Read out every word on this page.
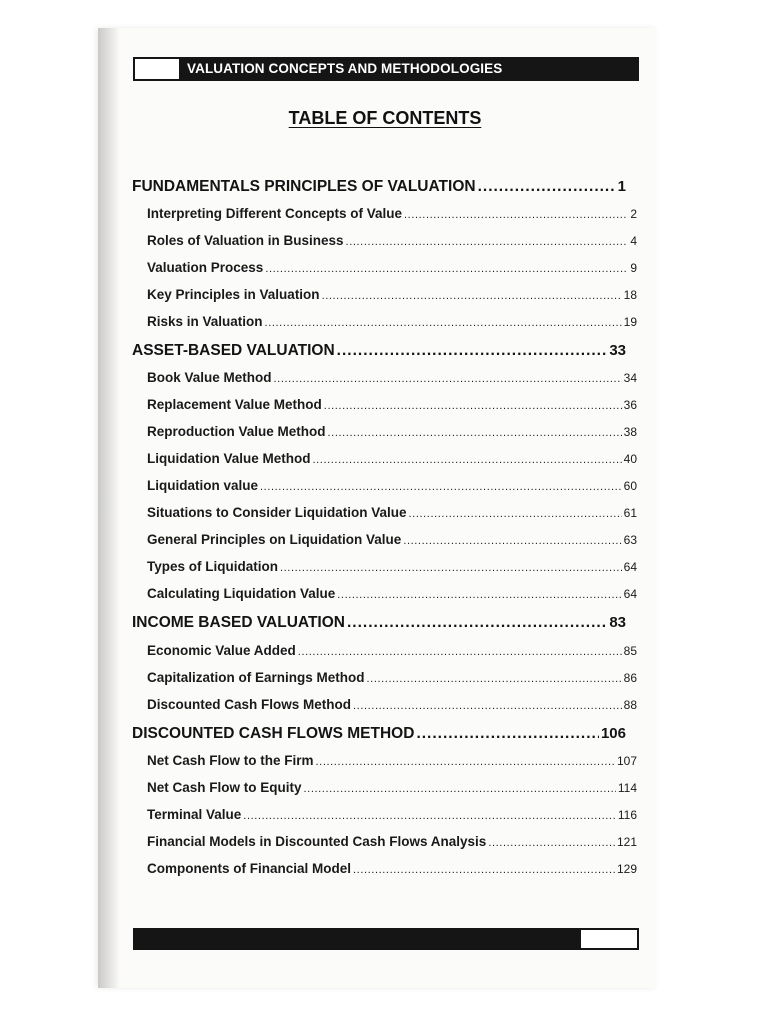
VALUATION CONCEPTS AND METHODOLOGIES
TABLE OF CONTENTS
FUNDAMENTALS PRINCIPLES OF VALUATION .....	1
Interpreting Different Concepts of Value .....	2
Roles of Valuation in Business .....	4
Valuation Process .....	9
Key Principles in Valuation .....	18
Risks in Valuation .....	19
ASSET-BASED VALUATION .....	33
Book Value Method .....	34
Replacement Value Method .....	36
Reproduction Value Method .....	38
Liquidation Value Method .....	40
Liquidation value .....	60
Situations to Consider Liquidation Value .....	61
General Principles on Liquidation Value .....	63
Types of Liquidation .....	64
Calculating Liquidation Value .....	64
INCOME BASED VALUATION .....	83
Economic Value Added .....	85
Capitalization of Earnings Method .....	86
Discounted Cash Flows Method .....	88
DISCOUNTED CASH FLOWS METHOD .....	106
Net Cash Flow to the Firm .....	107
Net Cash Flow to Equity .....	114
Terminal Value .....	116
Financial Models in Discounted Cash Flows Analysis .....	121
Components of Financial Model .....	129
